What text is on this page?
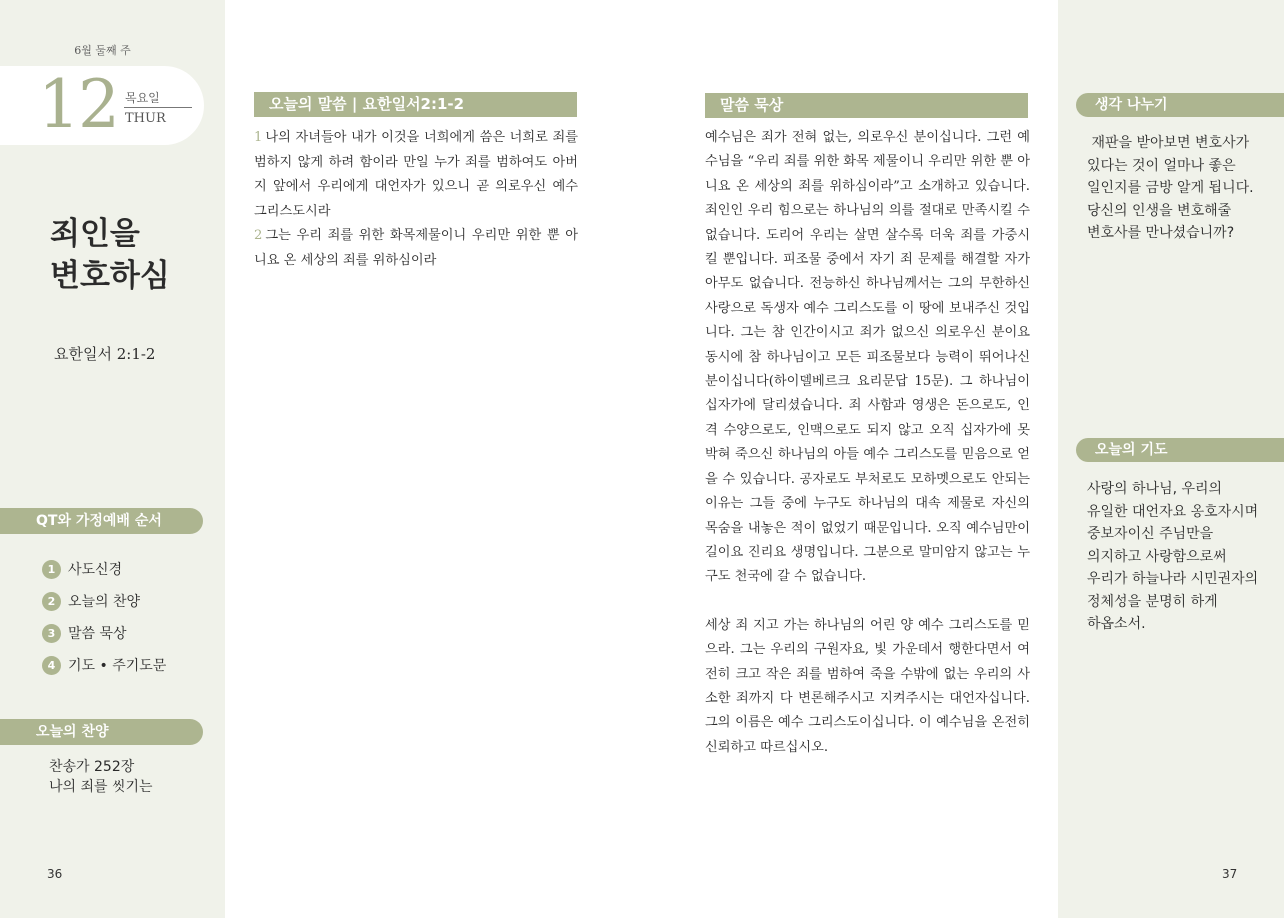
6월 둘째 주
12 목요일
THUR
죄인을
변호하심
요한일서 2:1-2
QT와 가정예배 순서
1 사도신경
2 오늘의 찬양
3 말씀 묵상
4 기도 • 주기도문
오늘의 찬양
찬송가 252장
나의 죄를 씻기는
36
오늘의 말씀 | 요한일서2:1-2
1 나의 자녀들아 내가 이것을 너희에게 씀은 너희로 죄를 범하지 않게 하려 함이라 만일 누가 죄를 범하여도 아버지 앞에서 우리에게 대언자가 있으니 곧 의로우신 예수 그리스도시라
2 그는 우리 죄를 위한 화목제물이니 우리만 위한 뿐 아니요 온 세상의 죄를 위하심이라
말씀 묵상

예수님은 죄가 전혀 없는, 의로우신 분이십니다. 그런 예수님을 “우리 죄를 위한 화목 제물이니 우리만 위한 뿐 아니요 온 세상의 죄를 위하심이라”고 소개하고 있습니다. 죄인인 우리 힘으로는 하나님의 의를 절대로 만족시킬 수 없습니다. 도리어 우리는 살면 살수록 더욱 죄를 가중시킬 뿐입니다. 피조물 중에서 자기 죄 문제를 해결할 자가 아무도 없습니다. 전능하신 하나님께서는 그의 무한하신 사랑으로 독생자 예수 그리스도를 이 땅에 보내주신 것입니다. 그는 참 인간이시고 죄가 없으신 의로우신 분이요 동시에 참 하나님이고 모든 피조물보다 능력이 뛰어나신 분이십니다(하이델베르크 요리문답 15문). 그 하나님이 십자가에 달리셨습니다. 죄 사함과 영생은 돈으로도, 인격 수양으로도, 인맥으로도 되지 않고 오직 십자가에 못박혀 죽으신 하나님의 아들 예수 그리스도를 믿음으로 얻을 수 있습니다. 공자로도 부처로도 모하멧으로도 안되는 이유는 그들 중에 누구도 하나님의 대속 제물로 자신의 목숨을 내놓은 적이 없었기 때문입니다. 오직 예수님만이 길이요 진리요 생명입니다. 그분으로 말미암지 않고는 누구도 천국에 갈 수 없습니다.

세상 죄 지고 가는 하나님의 어린 양 예수 그리스도를 믿으라. 그는 우리의 구원자요, 빛 가운데서 행한다면서 여전히 크고 작은 죄를 범하여 죽을 수밖에 없는 우리의 사소한 죄까지 다 변론해주시고 지켜주시는 대언자십니다. 그의 이름은 예수 그리스도이십니다. 이 예수님을 온전히 신뢰하고 따르십시오.

37
생각 나누기
재판을 받아보면 변호사가
있다는 것이 얼마나 좋은
일인지를 금방 알게 됩니다.
당신의 인생을 변호해줄
변호사를 만나셨습니까?
오늘의 기도
사랑의 하나님, 우리의
유일한 대언자요 옹호자시며
중보자이신 주님만을
의지하고 사랑함으로써
우리가 하늘나라 시민권자의
정체성을 분명히 하게
하옵소서.
